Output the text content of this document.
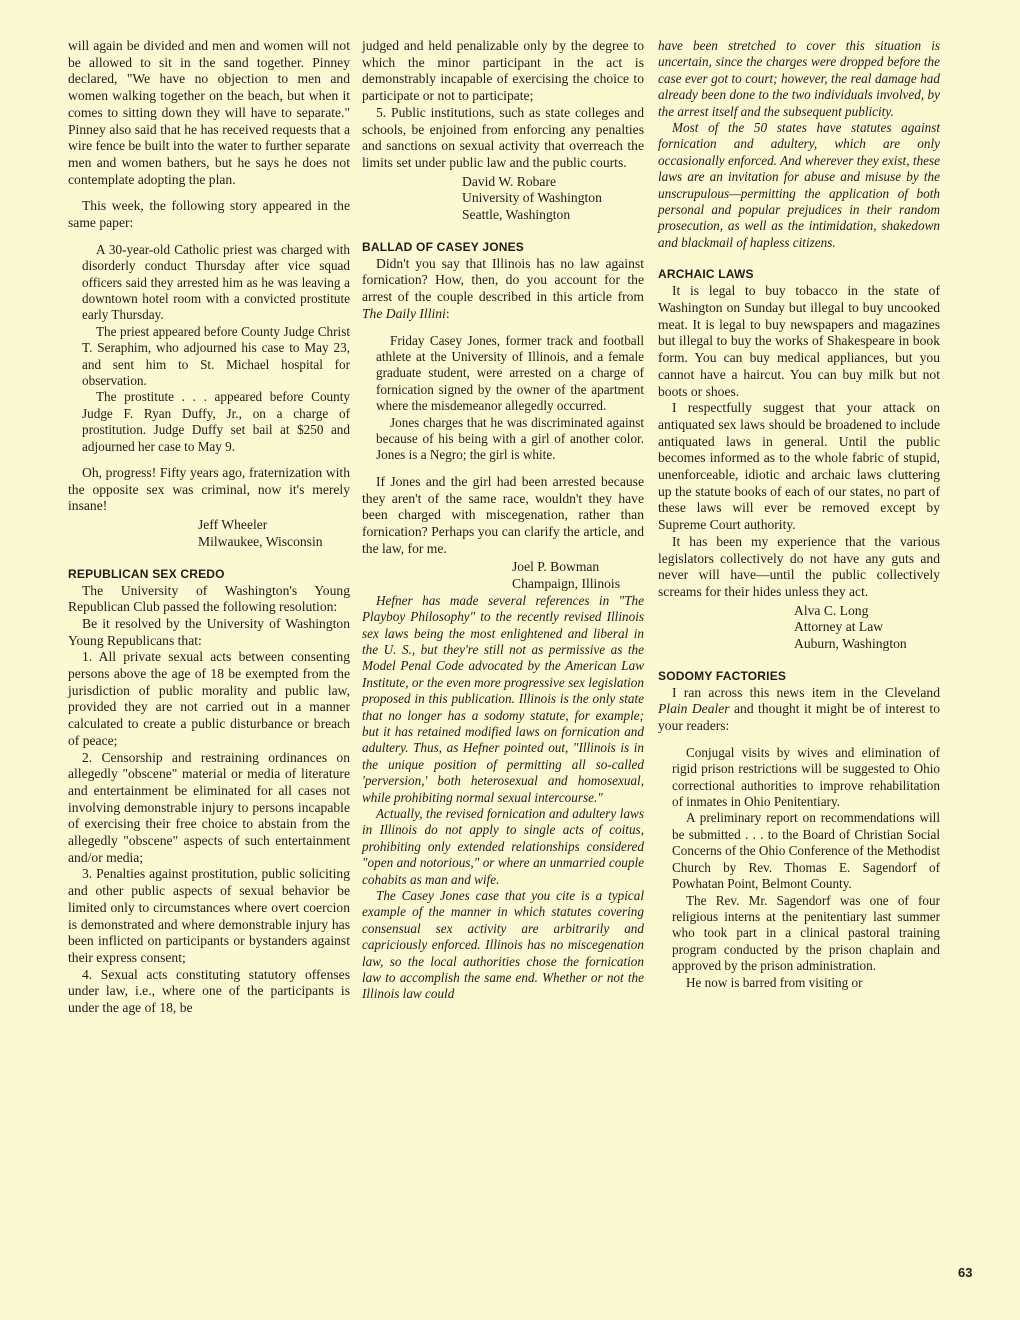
will again be divided and men and women will not be allowed to sit in the sand together. Pinney declared, "We have no objection to men and women walking together on the beach, but when it comes to sitting down they will have to separate." Pinney also said that he has received requests that a wire fence be built into the water to further separate men and women bathers, but he says he does not contemplate adopting the plan.

This week, the following story appeared in the same paper:

A 30-year-old Catholic priest was charged with disorderly conduct Thursday after vice squad officers said they arrested him as he was leaving a downtown hotel room with a convicted prostitute early Thursday.

The priest appeared before County Judge Christ T. Seraphim, who adjourned his case to May 23, and sent him to St. Michael hospital for observation.

The prostitute . . . appeared before County Judge F. Ryan Duffy, Jr., on a charge of prostitution. Judge Duffy set bail at $250 and adjourned her case to May 9.

Oh, progress! Fifty years ago, fraternization with the opposite sex was criminal, now it's merely insane!

Jeff Wheeler
Milwaukee, Wisconsin
REPUBLICAN SEX CREDO

The University of Washington's Young Republican Club passed the following resolution:

Be it resolved by the University of Washington Young Republicans that:

1. All private sexual acts between consenting persons above the age of 18 be exempted from the jurisdiction of public morality and public law, provided they are not carried out in a manner calculated to create a public disturbance or breach of peace;

2. Censorship and restraining ordinances on allegedly "obscene" material or media of literature and entertainment be eliminated for all cases not involving demonstrable injury to persons incapable of exercising their free choice to abstain from the allegedly "obscene" aspects of such entertainment and/or media;

3. Penalties against prostitution, public soliciting and other public aspects of sexual behavior be limited only to circumstances where overt coercion is demonstrated and where demonstrable injury has been inflicted on participants or bystanders against their express consent;

4. Sexual acts constituting statutory offenses under law, i.e., where one of the participants is under the age of 18, be

judged and held penalizable only by the degree to which the minor participant in the act is demonstrably incapable of exercising the choice to participate or not to participate;

5. Public institutions, such as state colleges and schools, be enjoined from enforcing any penalties and sanctions on sexual activity that overreach the limits set under public law and the public courts.

David W. Robare
University of Washington
Seattle, Washington
BALLAD OF CASEY JONES

Didn't you say that Illinois has no law against fornication? How, then, do you account for the arrest of the couple described in this article from The Daily Illini:

Friday Casey Jones, former track and football athlete at the University of Illinois, and a female graduate student, were arrested on a charge of fornication signed by the owner of the apartment where the misdemeanor allegedly occurred.

Jones charges that he was discriminated against because of his being with a girl of another color. Jones is a Negro; the girl is white.

If Jones and the girl had been arrested because they aren't of the same race, wouldn't they have been charged with miscegenation, rather than fornication? Perhaps you can clarify the article, and the law, for me.

Joel P. Bowman
Champaign, Illinois

Hefner has made several references in "The Playboy Philosophy" to the recently revised Illinois sex laws being the most enlightened and liberal in the U. S., but they're still not as permissive as the Model Penal Code advocated by the American Law Institute, or the even more progressive sex legislation proposed in this publication. Illinois is the only state that no longer has a sodomy statute, for example; but it has retained modified laws on fornication and adultery. Thus, as Hefner pointed out, "Illinois is in the unique position of permitting all so-called 'perversion,' both heterosexual and homosexual, while prohibiting normal sexual intercourse."

Actually, the revised fornication and adultery laws in Illinois do not apply to single acts of coitus, prohibiting only extended relationships considered "open and notorious," or where an unmarried couple cohabits as man and wife.

The Casey Jones case that you cite is a typical example of the manner in which statutes covering consensual sex activity are arbitrarily and capriciously enforced. Illinois has no miscegenation law, so the local authorities chose the fornication law to accomplish the same end. Whether or not the Illinois law could

have been stretched to cover this situation is uncertain, since the charges were dropped before the case ever got to court; however, the real damage had already been done to the two individuals involved, by the arrest itself and the subsequent publicity.

Most of the 50 states have statutes against fornication and adultery, which are only occasionally enforced. And wherever they exist, these laws are an invitation for abuse and misuse by the unscrupulous—permitting the application of both personal and popular prejudices in their random prosecution, as well as the intimidation, shakedown and blackmail of hapless citizens.

ARCHAIC LAWS

It is legal to buy tobacco in the state of Washington on Sunday but illegal to buy uncooked meat. It is legal to buy newspapers and magazines but illegal to buy the works of Shakespeare in book form. You can buy medical appliances, but you cannot have a haircut. You can buy milk but not boots or shoes.

I respectfully suggest that your attack on antiquated sex laws should be broadened to include antiquated laws in general. Until the public becomes informed as to the whole fabric of stupid, unenforceable, idiotic and archaic laws cluttering up the statute books of each of our states, no part of these laws will ever be removed except by Supreme Court authority.

It has been my experience that the various legislators collectively do not have any guts and never will have—until the public collectively screams for their hides unless they act.

Alva C. Long
Attorney at Law
Auburn, Washington
SODOMY FACTORIES

I ran across this news item in the Cleveland Plain Dealer and thought it might be of interest to your readers:

Conjugal visits by wives and elimination of rigid prison restrictions will be suggested to Ohio correctional authorities to improve rehabilitation of inmates in Ohio Penitentiary.

A preliminary report on recommendations will be submitted . . . to the Board of Christian Social Concerns of the Ohio Conference of the Methodist Church by Rev. Thomas E. Sagendorf of Powhatan Point, Belmont County.

The Rev. Mr. Sagendorf was one of four religious interns at the penitentiary last summer who took part in a clinical pastoral training program conducted by the prison chaplain and approved by the prison administration.

He now is barred from visiting or

63
